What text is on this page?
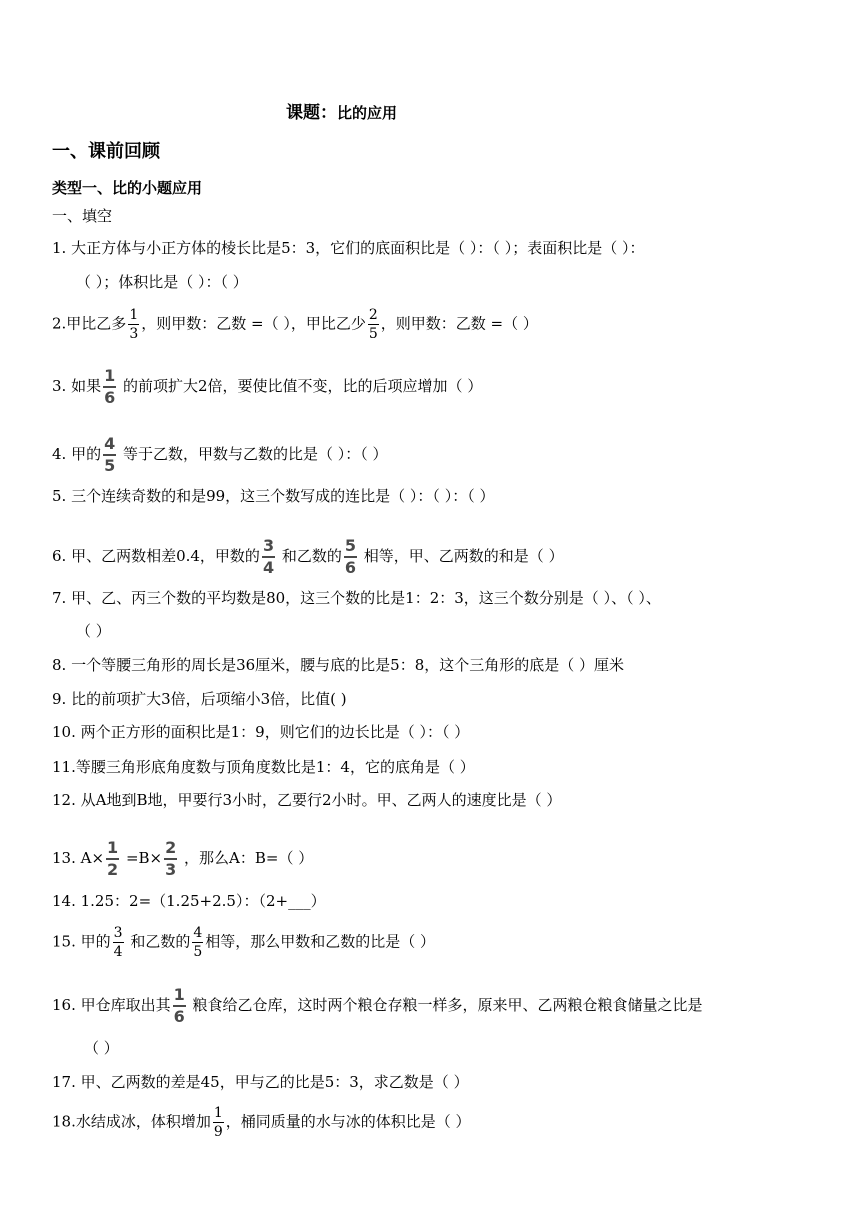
课题：比的应用
一、课前回顾
类型一、比的小题应用
一、填空
1. 大正方体与小正方体的棱长比是5：3，它们的底面积比是（ ）：（ ）；表面积比是（ ）：
（ ）；体积比是（ ）：（ ）
2.甲比乙多 $\frac{1}{3}$ ，则甲数：乙数 =（ ），甲比乙少 $\frac{2}{5}$ ，则甲数：乙数 =（ ）
3. 如果 $\frac{1}{6}$ 的前项扩大2倍，要使比值不变，比的后项应增加（ ）
4. 甲的 $\frac{4}{5}$ 等于乙数，甲数与乙数的比是（ ）：（ ）
5. 三个连续奇数的和是99，这三个数写成的连比是（ ）：（ ）：（ ）
6. 甲、乙两数相差0.4，甲数的 $\frac{3}{4}$ 和乙数的 $\frac{5}{6}$ 相等，甲、乙两数的和是（ ）
7. 甲、乙、丙三个数的平均数是80，这三个数的比是1：2：3，这三个数分别是（ ）、（ ）、
（ ）
8. 一个等腰三角形的周长是36厘米，腰与底的比是5：8，这个三角形的底是（ ）厘米
9. 比的前项扩大3倍，后项缩小3倍，比值( )
10. 两个正方形的面积比是1：9，则它们的边长比是（ ）：（ ）
11.等腰三角形底角度数与顶角度数比是1：4，它的底角是（ ）
12. 从A地到B地，甲要行3小时，乙要行2小时。甲、乙两人的速度比是（ ）
13. $A\times \frac{1}{2} =B\times \frac{2}{3}$ ，那么A：B=（ ）
14. 1.25：2=（1.25+2.5）：（2+___）
15. 甲的 $\frac{3}{4}$ 和乙数的 $\frac{4}{5}$ 相等，那么甲数和乙数的比是（ ）
16. 甲仓库取出其 $\frac{1}{6}$ 粮食给乙仓库，这时两个粮仓存粮一样多，原来甲、乙两粮仓粮食储量之比是
（ ）
17. 甲、乙两数的差是45，甲与乙的比是5：3，求乙数是（ ）
18.水结成冰，体积增加 $\frac{1}{9}$ ，桶同质量的水与冰的体积比是（ ）
